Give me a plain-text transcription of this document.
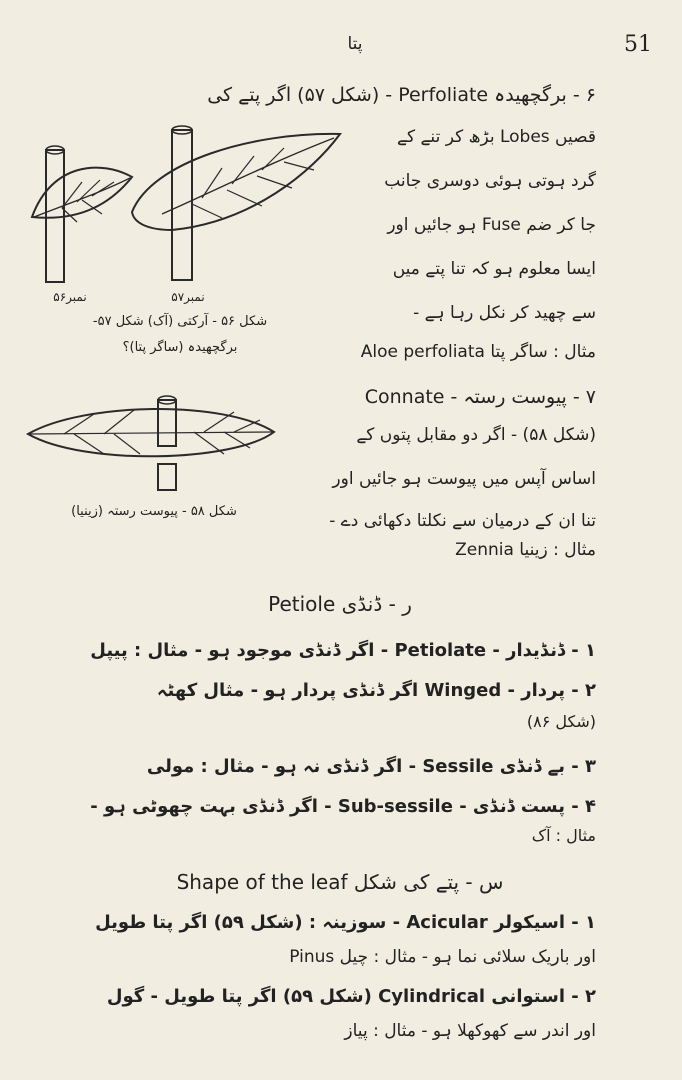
51
پتا
۶ - برگچھیدہ Perfoliate - (شکل ۵۷) اگر پتے کی
قصیں Lobes بڑھ کر تنے کے
گرد ہوتی ہوئی دوسری جانب
جا کر ضم Fuse ہو جائیں اور
ایسا معلوم ہو کہ تنا پتے میں
سے چھید کر نکل رہا ہے -
مثال : ساگر پتا Aloe perfoliata
نمبر۵۷
نمبر۵۶
شکل ۵۶ - آرکتی (آک) شکل ۵۷-
برگچھیدہ (ساگر پتا)؟
۷ - پیوست رستہ - Connate
(شکل ۵۸) - اگر دو مقابل پتوں کے
اساس آپس میں پیوست ہو جائیں اور
تنا ان کے درمیان سے نکلتا دکھائی دے -
مثال : زینیا Zennia
شکل ۵۸ - پیوست رستہ (زینیا)
ر - ڈنڈی Petiole
۱ - ڈنڈیدار - Petiolate - اگر ڈنڈی موجود ہو - مثال : پیپل
۲ - پردار - Winged اگر ڈنڈی پردار ہو - مثال کھٹہ
(شکل ۸۶)
۳ - بے ڈنڈی Sessile - اگر ڈنڈی نہ ہو - مثال : مولی
۴ - پست ڈنڈی - Sub-sessile - اگر ڈنڈی بہت چھوٹی ہو -
مثال : آک
س - پتے کی شکل Shape of the leaf
۱ - اسیکولر Acicular - سوزینہ : (شکل ۵۹) اگر پتا طویل
اور باریک سلائی نما ہو - مثال : چیل Pinus
۲ - استوانی Cylindrical (شکل ۵۹) اگر پتا طویل - گول
اور اندر سے کھوکھلا ہو - مثال : پیاز
